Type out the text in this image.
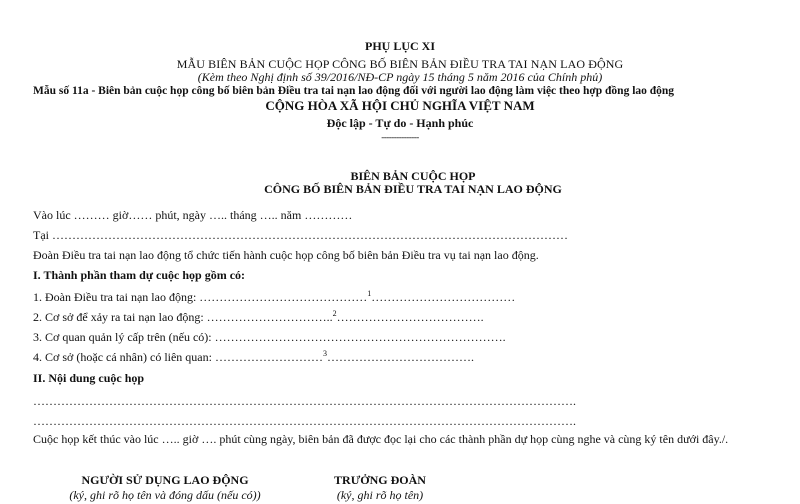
PHỤ LỤC XI
MẪU BIÊN BẢN CUỘC HỌP CÔNG BỐ BIÊN BẢN ĐIỀU TRA TAI NẠN LAO ĐỘNG
(Kèm theo Nghị định số 39/2016/NĐ-CP ngày 15 tháng 5 năm 2016 của Chính phủ)
Mẫu số 11a - Biên bản cuộc họp công bố biên bản Điều tra tai nạn lao động đối với người lao động làm việc theo hợp đồng lao động
CỘNG HÒA XÃ HỘI CHỦ NGHĨA VIỆT NAM
Độc lập - Tự do - Hạnh phúc
---------------
BIÊN BẢN CUỘC HỌP
CÔNG BỐ BIÊN BẢN ĐIỀU TRA TAI NẠN LAO ĐỘNG
Vào lúc ……… giờ…… phút, ngày ….. tháng ….. năm …………
Tại …………………………………………………………………………………………………………………
Đoàn Điều tra tai nạn lao động tổ chức tiến hành cuộc họp công bố biên bản Điều tra vụ tai nạn lao động.
I. Thành phần tham dự cuộc họp gồm có:
1. Đoàn Điều tra tai nạn lao động: ……………………………………$^1$………………………………
2. Cơ sở để xảy ra tai nạn lao động: …………………………..$^2$……………………………….
3. Cơ quan quản lý cấp trên (nếu có): ……………………………………………………………….
4. Cơ sở (hoặc cá nhân) có liên quan: ………………………$^3$……………………………….
II. Nội dung cuộc họp
……………………………………………………………………………………………………………………….
……………………………………………………………………………………………………………………….
Cuộc họp kết thúc vào lúc ….. giờ …. phút cùng ngày, biên bản đã được đọc lại cho các thành phần dự họp cùng nghe và cùng ký tên dưới đây./.
NGƯỜI SỬ DỤNG LAO ĐỘNG
(ký, ghi rõ họ tên và đóng dấu (nếu có))
TRƯỞNG ĐOÀN
(ký, ghi rõ họ tên)
